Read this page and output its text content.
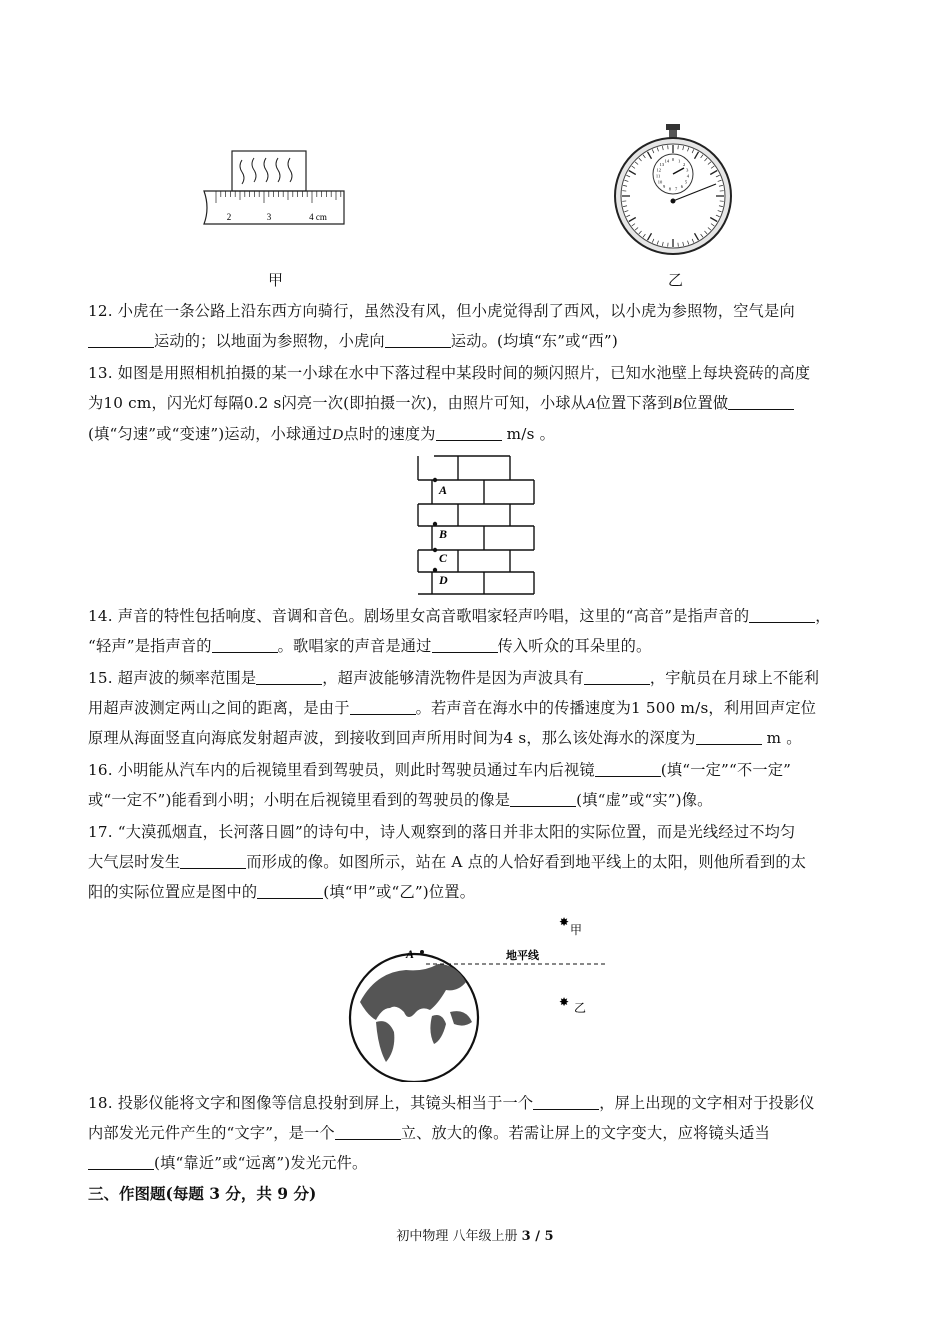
2	3	4 cm
甲
0 1
2
3
4
5
6
7
8
9
10
11
12
13
14
乙

12. 小虎在一条公路上沿东西方向骑行，虽然没有风，但小虎觉得刮了西风，以小虎为参照物，空气是向

运动的；以地面为参照物，小虎向	运动。(均填“东”或“西”)

13. 如图是用照相机拍摄的某一小球在水中下落过程中某段时间的频闪照片，已知水池壁上每块瓷砖的高度

为10 cm，闪光灯每隔0.2 s闪亮一次(即拍摄一次)，由照片可知，小球从A位置下落到B位置做

(填“匀速”或“变速”)运动，小球通过D点时的速度为	m/s 。

A
B
C
D

14. 声音的特性包括响度、音调和音色。剧场里女高音歌唱家轻声吟唱，这里的“高音”是指声音的	，

“轻声”是指声音的	。歌唱家的声音是通过	传入听众的耳朵里的。

15. 超声波的频率范围是	，超声波能够清洗物件是因为声波具有	，宇航员在月球上不能利

用超声波测定两山之间的距离，是由于	。若声音在海水中的传播速度为1 500 m/s，利用回声定位

原理从海面竖直向海底发射超声波，到接收到回声所用时间为4 s，那么该处海水的深度为	m 。

16. 小明能从汽车内的后视镜里看到驾驶员，则此时驾驶员通过车内后视镜	(填“一定”“不一定”

或“一定不”)能看到小明；小明在后视镜里看到的驾驶员的像是	(填“虚”或“实”)像。

17. “大漠孤烟直，长河落日圆”的诗句中，诗人观察到的落日并非太阳的实际位置，而是光线经过不均匀

大气层时发生	而形成的像。如图所示，站在 A 点的人恰好看到地平线上的太阳，则他所看到的太

阳的实际位置应是图中的	(填“甲”或“乙”)位置。

A	地平线
✸
甲
✸ 乙

18. 投影仪能将文字和图像等信息投射到屏上，其镜头相当于一个	，屏上出现的文字相对于投影仪

内部发光元件产生的“文字”，是一个	立、放大的像。若需让屏上的文字变大，应将镜头适当

(填“靠近”或“远离”)发光元件。

三、作图题(每题 3 分，共 9 分)
初中物理 八年级上册 3 / 5
